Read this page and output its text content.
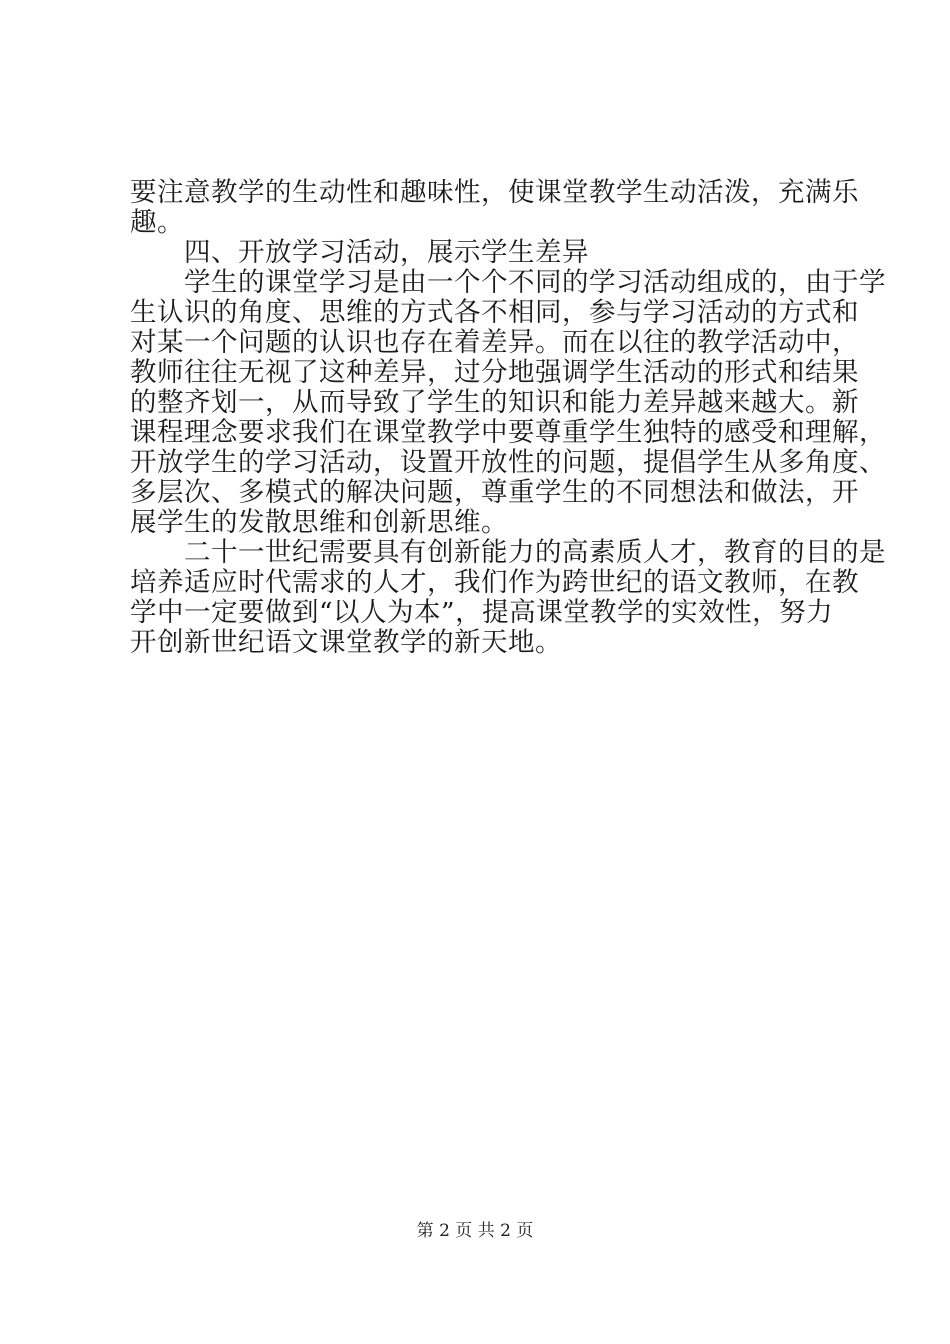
要注意教学的生动性和趣味性，使课堂教学生动活泼，充满乐
趣。
　　四、开放学习活动，展示学生差异
　　学生的课堂学习是由一个个不同的学习活动组成的，由于学
生认识的角度、思维的方式各不相同，参与学习活动的方式和
对某一个问题的认识也存在着差异。而在以往的教学活动中，
教师往往无视了这种差异，过分地强调学生活动的形式和结果
的整齐划一，从而导致了学生的知识和能力差异越来越大。新
课程理念要求我们在课堂教学中要尊重学生独特的感受和理解，
开放学生的学习活动，设置开放性的问题，提倡学生从多角度、
多层次、多模式的解决问题，尊重学生的不同想法和做法，开
展学生的发散思维和创新思维。
　　二十一世纪需要具有创新能力的高素质人才，教育的目的是
培养适应时代需求的人才，我们作为跨世纪的语文教师，在教
学中一定要做到“以人为本”，提高课堂教学的实效性，努力
开创新世纪语文课堂教学的新天地。
第 2 页 共 2 页
